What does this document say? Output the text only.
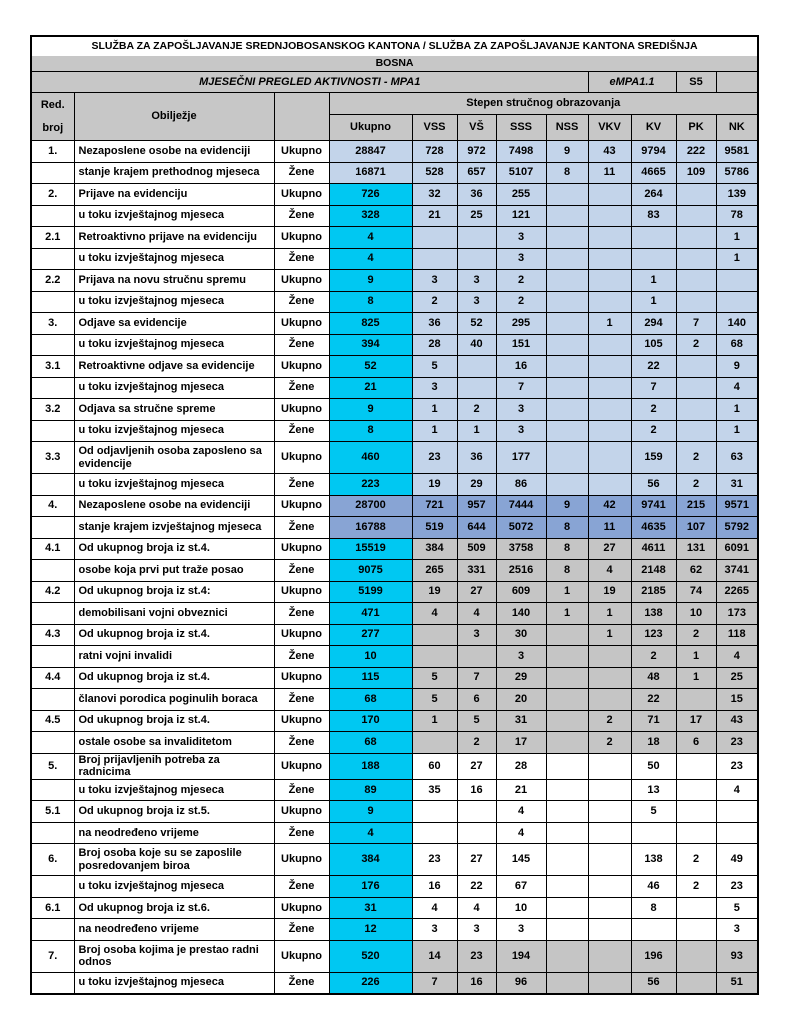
SLUŽBA ZA ZAPOŠLJAVANJE SREDNJOBOSANSKOG KANTONA / SLUŽBA ZA ZAPOŠLJAVANJE KANTONA SREDIŠNJA
BOSNA											

MJESEČNI PREGLED AKTIVNOSTI - MPA1								eMPA1.1		S5	

Red.
broj	Obilježje		Stepen stručnog obrazovanja								
			Ukupno	VSS	VŠ	SSS	NSS	VKV	KV	PK	NK
1.	Nezaposlene osobe na evidenciji	Ukupno	28847	728	972	7498	9	43	9794	222	9581
	stanje krajem prethodnog mjeseca	Žene	16871	528	657	5107	8	11	4665	109	5786
2.	Prijave na evidenciju	Ukupno	726	32	36	255			264		139
	u toku izvještajnog mjeseca	Žene	328	21	25	121			83		78
2.1	Retroaktivno prijave na evidenciju	Ukupno	4			3					1
	u toku izvještajnog mjeseca	Žene	4			3					1
2.2	Prijava na novu stručnu spremu	Ukupno	9	3	3	2			1		
	u toku izvještajnog mjeseca	Žene	8	2	3	2			1		
3.	Odjave sa evidencije	Ukupno	825	36	52	295		1	294	7	140
	u toku izvještajnog mjeseca	Žene	394	28	40	151			105	2	68
3.1	Retroaktivne odjave sa evidencije	Ukupno	52	5		16			22		9
	u toku izvještajnog mjeseca	Žene	21	3		7			7		4
3.2	Odjava sa stručne spreme	Ukupno	9	1	2	3			2		1
	u toku izvještajnog mjeseca	Žene	8	1	1	3			2		1
3.3	Od odjavljenih osoba zaposleno sa evidencije	Ukupno	460	23	36	177			159	2	63
	u toku izvještajnog mjeseca	Žene	223	19	29	86			56	2	31
4.	Nezaposlene osobe na evidenciji	Ukupno	28700	721	957	7444	9	42	9741	215	9571
	stanje krajem izvještajnog mjeseca	Žene	16788	519	644	5072	8	11	4635	107	5792
4.1	Od ukupnog broja iz st.4.	Ukupno	15519	384	509	3758	8	27	4611	131	6091
	osobe koja prvi put traže posao	Žene	9075	265	331	2516	8	4	2148	62	3741
4.2	Od ukupnog broja iz st.4:	Ukupno	5199	19	27	609	1	19	2185	74	2265
	demobilisani vojni obveznici	Žene	471	4	4	140	1	1	138	10	173
4.3	Od ukupnog broja iz st.4.	Ukupno	277		3	30		1	123	2	118
	ratni vojni invalidi	Žene	10			3			2	1	4
4.4	Od ukupnog broja iz st.4.	Ukupno	115	5	7	29			48	1	25
	članovi porodica poginulih boraca	Žene	68	5	6	20			22		15
4.5	Od ukupnog broja iz st.4.	Ukupno	170	1	5	31		2	71	17	43
	ostale osobe sa invaliditetom	Žene	68		2	17		2	18	6	23
5.	Broj prijavljenih potreba za radnicima	Ukupno	188	60	27	28			50		23
	u toku izvještajnog mjeseca	Žene	89	35	16	21			13		4
5.1	Od ukupnog broja iz st.5.	Ukupno	9			4			5		
	na neodređeno vrijeme	Žene	4			4					
6.	Broj osoba koje su se zaposlile posredovanjem biroa	Ukupno	384	23	27	145			138	2	49
	u toku izvještajnog mjeseca	Žene	176	16	22	67			46	2	23
6.1	Od ukupnog broja iz st.6.	Ukupno	31	4	4	10			8		5
	na neodređeno vrijeme	Žene	12	3	3	3					3
7.	Broj osoba kojima je prestao radni odnos	Ukupno	520	14	23	194			196		93
	u toku izvještajnog mjeseca	Žene	226	7	16	96			56		51
